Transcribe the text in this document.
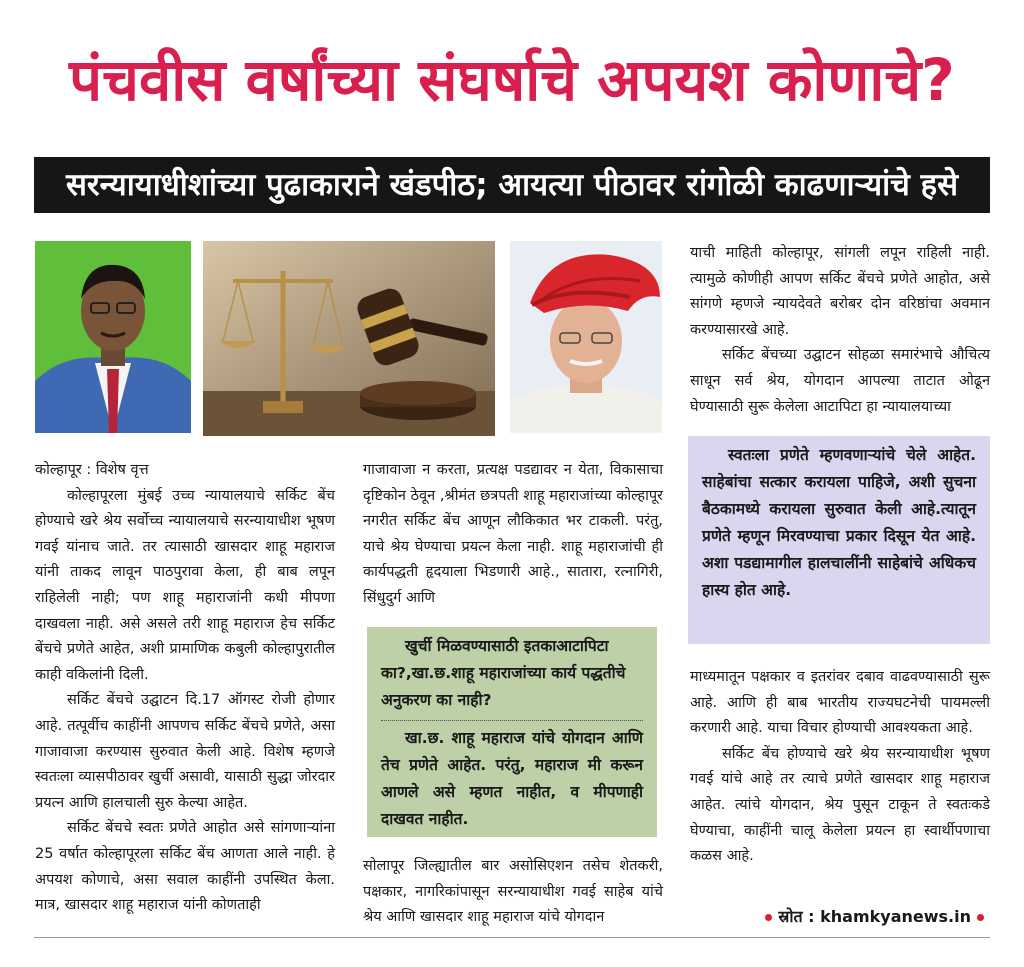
पंचवीस वर्षांच्या संघर्षाचे अपयश कोणाचे?
सरन्यायाधीशांच्या पुढाकाराने खंडपीठ; आयत्या पीठावर रांगोळी काढणाऱ्यांचे हसे

कोल्हापूर : विशेष वृत्त

कोल्हापूरला मुंबई उच्च न्यायालयाचे सर्किट बेंच होण्याचे खरे श्रेय सर्वोच्च न्यायालयाचे सरन्यायाधीश भूषण गवई यांनाच जाते. तर त्यासाठी खासदार शाहू महाराज यांनी ताकद लावून पाठपुरावा केला, ही बाब लपून राहिलेली नाही; पण शाहू महाराजांनी कधी मीपणा दाखवला नाही. असे असले तरी शाहू महाराज हेच सर्किट बेंचचे प्रणेते आहेत, अशी प्रामाणिक कबुली कोल्हापुरातील काही वकिलांनी दिली.

सर्किट बेंचचे उद्घाटन दि.17 ऑगस्ट रोजी होणार आहे. तत्पूर्वीच काहींनी आपणच सर्किट बेंचचे प्रणेते, असा गाजावाजा करण्यास सुरुवात केली आहे. विशेष म्हणजे स्वतःला व्यासपीठावर खुर्ची असावी, यासाठी सुद्धा जोरदार प्रयत्न आणि हालचाली सुरु केल्या आहेत.

सर्किट बेंचचे स्वतः प्रणेते आहोत असे सांगणाऱ्यांना 25 वर्षात कोल्हापूरला सर्किट बेंच आणता आले नाही. हे अपयश कोणाचे, असा सवाल काहींनी उपस्थित केला. मात्र, खासदार शाहू महाराज यांनी कोणताही

गाजावाजा न करता, प्रत्यक्ष पडद्यावर न येता, विकासाचा दृष्टिकोन ठेवून ,श्रीमंत छत्रपती शाहू महाराजांच्या कोल्हापूर नगरीत सर्किट बेंच आणून लौकिकात भर टाकली. परंतु, याचे श्रेय घेण्याचा प्रयत्न केला नाही. शाहू महाराजांची ही कार्यपद्धती हृदयाला भिडणारी आहे., सातारा, रत्नागिरी, सिंधुदुर्ग आणि

खुर्ची मिळवण्यासाठी इतकाआटापिटा का?,खा.छ.शाहू महाराजांच्या कार्य पद्धतीचे अनुकरण का नाही?

खा.छ. शाहू महाराज यांचे योगदान आणि तेच प्रणेते आहेत. परंतु, महाराज मी करून आणले असे म्हणत नाहीत, व मीपणाही दाखवत नाहीत.

सोलापूर जिल्ह्यातील बार असोसिएशन तसेच शेतकरी, पक्षकार, नागरिकांपासून सरन्यायाधीश गवई साहेब यांचे श्रेय आणि खासदार शाहू महाराज यांचे योगदान

याची माहिती कोल्हापूर, सांगली लपून राहिली नाही. त्यामुळे कोणीही आपण सर्किट बेंचचे प्रणेते आहोत, असे सांगणे म्हणजे न्यायदेवते बरोबर दोन वरिष्ठांचा अवमान करण्यासारखे आहे.

सर्किट बेंचच्या उद्घाटन सोहळा समारंभाचे औचित्य साधून सर्व श्रेय, योगदान आपल्या ताटात ओढून घेण्यासाठी सुरू केलेला आटापिटा हा न्यायालयाच्या

स्वतःला प्रणेते म्हणवणाऱ्यांचे चेले आहेत. साहेबांचा सत्कार करायला पाहिजे, अशी सुचना बैठकामध्ये करायला सुरुवात केली आहे.त्यातून प्रणेते म्हणून मिरवण्याचा प्रकार दिसून येत आहे. अशा पडद्यामागील हालचालींनी साहेबांचे अधिकच हास्य होत आहे.

माध्यमातून पक्षकार व इतरांवर दबाव वाढवण्यासाठी सुरू आहे. आणि ही बाब भारतीय राज्यघटनेची पायमल्ली करणारी आहे. याचा विचार होण्याची आवश्यकता आहे.

सर्किट बेंच होण्याचे खरे श्रेय सरन्यायाधीश भूषण गवई यांचे आहे तर त्याचे प्रणेते खासदार शाहू महाराज आहेत. त्यांचे योगदान, श्रेय पुसून टाकून ते स्वतःकडे घेण्याचा, काहींनी चालू केलेला प्रयत्न हा स्वार्थीपणाचा कळस आहे.

स्रोत : khamkyanews.in
